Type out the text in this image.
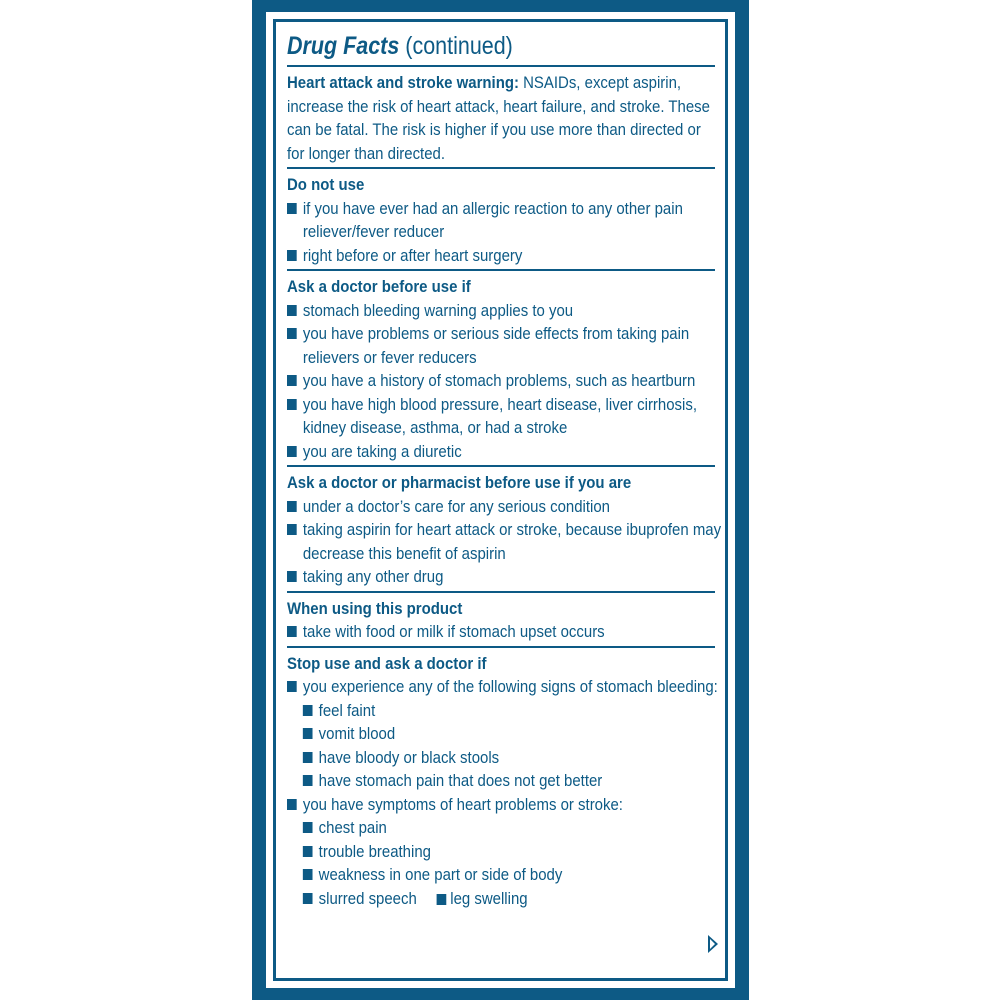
Drug Facts (continued)
Heart attack and stroke warning: NSAIDs, except aspirin, increase the risk of heart attack, heart failure, and stroke. These can be fatal. The risk is higher if you use more than directed or for longer than directed.
Do not use
if you have ever had an allergic reaction to any other pain reliever/fever reducer
right before or after heart surgery
Ask a doctor before use if
stomach bleeding warning applies to you
you have problems or serious side effects from taking pain relievers or fever reducers
you have a history of stomach problems, such as heartburn
you have high blood pressure, heart disease, liver cirrhosis, kidney disease, asthma, or had a stroke
you are taking a diuretic
Ask a doctor or pharmacist before use if you are
under a doctor’s care for any serious condition
taking aspirin for heart attack or stroke, because ibuprofen may decrease this benefit of aspirin
taking any other drug
When using this product
take with food or milk if stomach upset occurs
Stop use and ask a doctor if
you experience any of the following signs of stomach bleeding:
feel faint
vomit blood
have bloody or black stools
have stomach pain that does not get better
you have symptoms of heart problems or stroke:
chest pain
trouble breathing
weakness in one part or side of body
slurred speech leg swelling
